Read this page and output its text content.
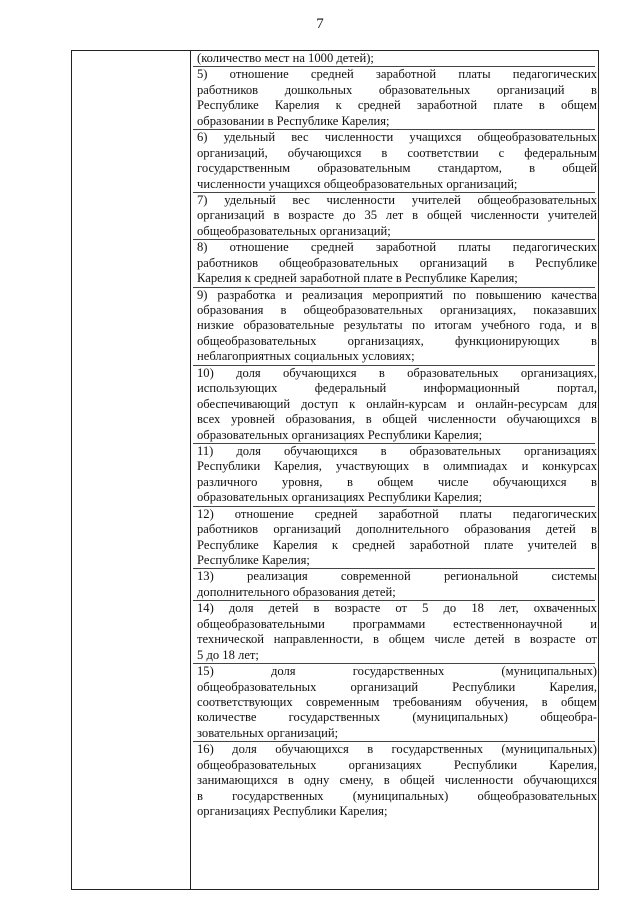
7
(количество мест на 1000 детей);
5) отношение средней заработной платы педагогических
работников дошкольных образовательных организаций в
Республике Карелия к средней заработной плате в общем
образовании в Республике Карелия;
6) удельный вес численности учащихся общеобразовательных
организаций, обучающихся в соответствии с федеральным
государственным образовательным стандартом, в общей
численности учащихся общеобразовательных организаций;
7) удельный вес численности учителей общеобразовательных
организаций в возрасте до 35 лет в общей численности учителей
общеобразовательных организаций;
8) отношение средней заработной платы педагогических
работников общеобразовательных организаций в Республике
Карелия к средней заработной плате в Республике Карелия;
9) разработка и реализация мероприятий по повышению качества
образования в общеобразовательных организациях, показавших
низкие образовательные результаты по итогам учебного года, и в
общеобразовательных организациях, функционирующих в
неблагоприятных социальных условиях;
10) доля обучающихся в образовательных организациях,
использующих федеральный информационный портал,
обеспечивающий доступ к онлайн-курсам и онлайн-ресурсам для
всех уровней образования, в общей численности обучающихся в
образовательных организациях Республики Карелия;
11) доля обучающихся в образовательных организациях
Республики Карелия, участвующих в олимпиадах и конкурсах
различного уровня, в общем числе обучающихся в
образовательных организациях Республики Карелия;
12) отношение средней заработной платы педагогических
работников организаций дополнительного образования детей в
Республике Карелия к средней заработной плате учителей в
Республике Карелия;
13) реализация современной региональной системы
дополнительного образования детей;
14) доля детей в возрасте от 5 до 18 лет, охваченных
общеобразовательными программами естественнонаучной и
технической направленности, в общем числе детей в возрасте от
5 до 18 лет;
15) доля государственных (муниципальных)
общеобразовательных организаций Республики Карелия,
соответствующих современным требованиям обучения, в общем
количестве государственных (муниципальных) общеобра-
зовательных организаций;
16) доля обучающихся в государственных (муниципальных)
общеобразовательных организациях Республики Карелия,
занимающихся в одну смену, в общей численности обучающихся
в государственных (муниципальных) общеобразовательных
организациях Республики Карелия;
